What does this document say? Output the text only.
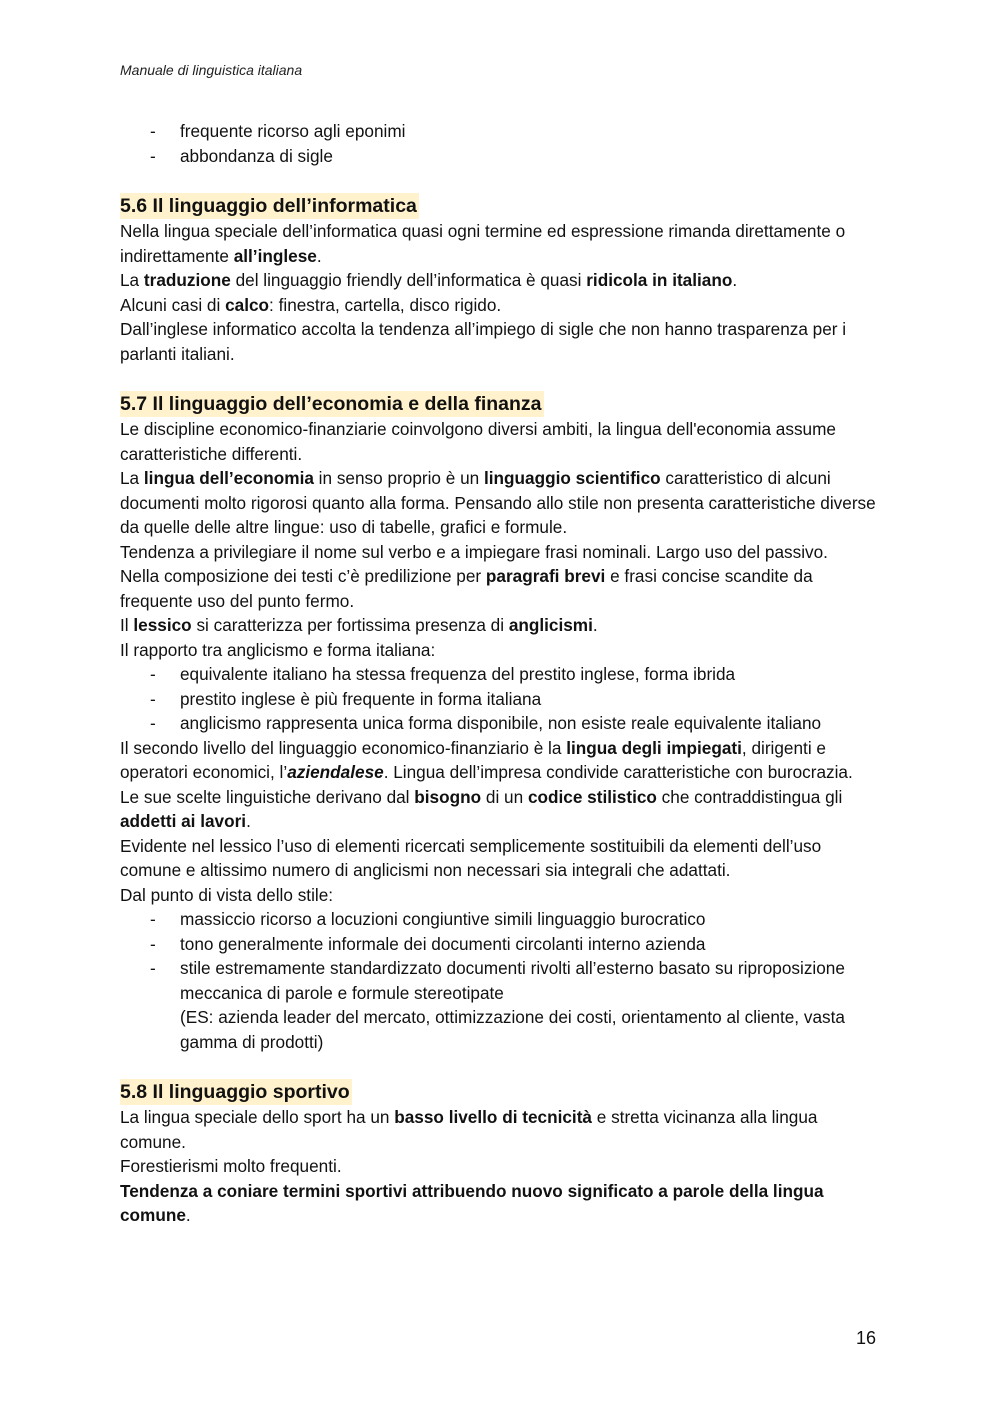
Manuale di linguistica italiana
- frequente ricorso agli eponimi
- abbondanza di sigle
5.6 Il linguaggio dell’informatica

Nella lingua speciale dell’informatica quasi ogni termine ed espressione rimanda direttamente o indirettamente all’inglese.

La traduzione del linguaggio friendly dell’informatica è quasi ridicola in italiano.

Alcuni casi di calco: finestra, cartella, disco rigido.

Dall’inglese informatico accolta la tendenza all’impiego di sigle che non hanno trasparenza per i parlanti italiani.

5.7 Il linguaggio dell’economia e della finanza

Le discipline economico-finanziarie coinvolgono diversi ambiti, la lingua dell'economia assume caratteristiche differenti.

La lingua dell’economia in senso proprio è un linguaggio scientifico caratteristico di alcuni documenti molto rigorosi quanto alla forma. Pensando allo stile non presenta caratteristiche diverse da quelle delle altre lingue: uso di tabelle, grafici e formule.

Tendenza a privilegiare il nome sul verbo e a impiegare frasi nominali. Largo uso del passivo.

Nella composizione dei testi c’è predilizione per paragrafi brevi e frasi concise scandite da frequente uso del punto fermo.

Il lessico si caratterizza per fortissima presenza di anglicismi.

Il rapporto tra anglicismo e forma italiana:

- equivalente italiano ha stessa frequenza del prestito inglese, forma ibrida
- prestito inglese è più frequente in forma italiana
- anglicismo rappresenta unica forma disponibile, non esiste reale equivalente italiano

Il secondo livello del linguaggio economico-finanziario è la lingua degli impiegati, dirigenti e operatori economici, l’aziendalese. Lingua dell’impresa condivide caratteristiche con burocrazia.

Le sue scelte linguistiche derivano dal bisogno di un codice stilistico che contraddistingua gli addetti ai lavori.

Evidente nel lessico l’uso di elementi ricercati semplicemente sostituibili da elementi dell’uso comune e altissimo numero di anglicismi non necessari sia integrali che adattati.

Dal punto di vista dello stile:

- massiccio ricorso a locuzioni congiuntive simili linguaggio burocratico
- tono generalmente informale dei documenti circolanti interno azienda
- stile estremamente standardizzato documenti rivolti all’esterno basato su riproposizione meccanica di parole e formule stereotipate
(ES: azienda leader del mercato, ottimizzazione dei costi, orientamento al cliente, vasta gamma di prodotti)
5.8 Il linguaggio sportivo

La lingua speciale dello sport ha un basso livello di tecnicità e stretta vicinanza alla lingua comune.

Forestierismi molto frequenti.

Tendenza a coniare termini sportivi attribuendo nuovo significato a parole della lingua comune.

16
